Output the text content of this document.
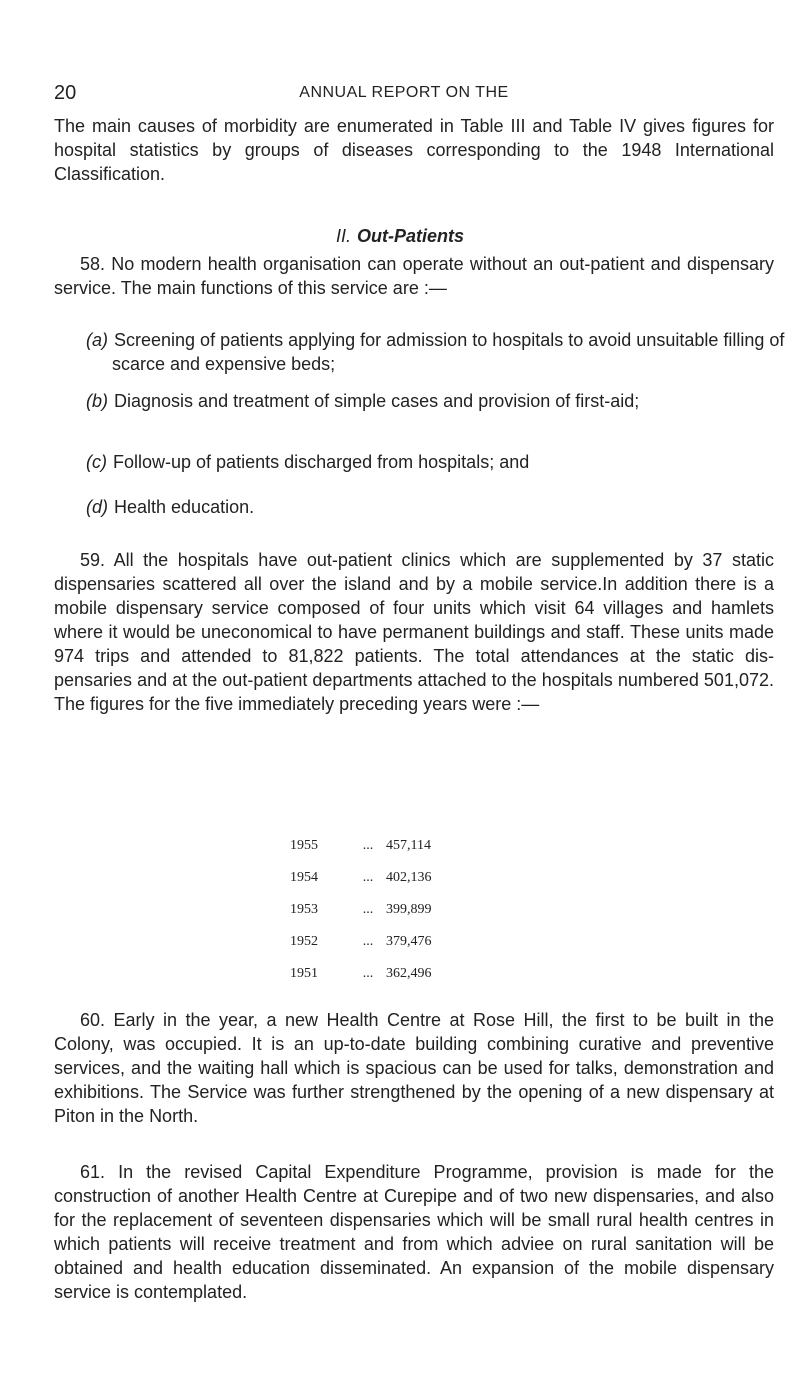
20	ANNUAL REPORT ON THE

The main causes of morbidity are enumerated in Table III and Table IV gives figures for hospital statistics by groups of diseases corresponding to the 1948 International Classification.

II. Out-Patients

58. No modern health organisation can operate without an out-patient and dispensary service. The main functions of this service are :—

(a) Screening of patients applying for admission to hospitals to avoid unsuitable filling of scarce and expensive beds;
(b) Diagnosis and treatment of simple cases and provision of first-aid;
(c) Follow-up of patients discharged from hospitals; and
(d) Health education.

59. All the hospitals have out-patient clinics which are supplemented by 37 static dispensaries scattered all over the island and by a mobile service.In addition there is a mobile dispensary service composed of four units which visit 64 villages and hamlets where it would be uneconomical to have permanent buildings and staff. These units made 974 trips and attended to 81,822 patients. The total attendances at the static dis- pensaries and at the out-patient departments attached to the hospitals numbered 501,072. The figures for the five immediately preceding years were :—

1955	... 457,114
1954	... 402,136
1953	... 399,899
1952	... 379,476
1951	... 362,496

60. Early in the year, a new Health Centre at Rose Hill, the first to be built in the Colony, was occupied. It is an up-to-date building combining curative and preventive services, and the waiting hall which is spacious can be used for talks, demonstration and exhibitions. The Service was further strengthened by the opening of a new dispensary at Piton in the North.

61. In the revised Capital Expenditure Programme, provision is made for the construction of another Health Centre at Curepipe and of two new dispensaries, and also for the replacement of seventeen dispensaries which will be small rural health centres in which patients will receive treatment and from which adviee on rural sanitation will be obtained and health education disseminated. An expansion of the mobile dispensary service is contemplated.
